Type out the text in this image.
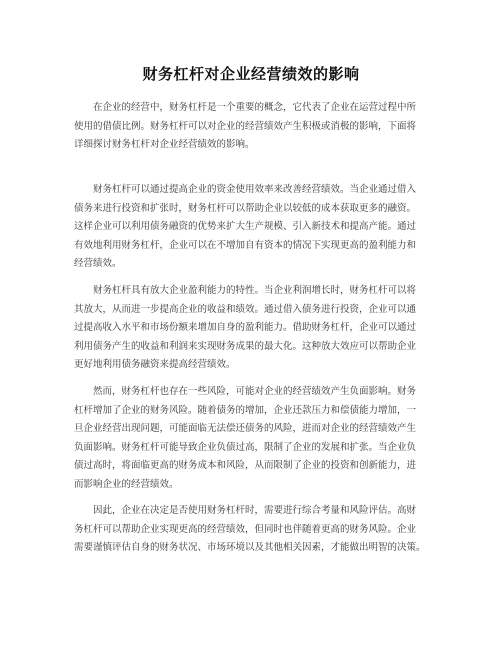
财务杠杆对企业经营绩效的影响
　　在企业的经营中，财务杠杆是一个重要的概念，它代表了企业在运营过程中所
使用的借债比例。财务杠杆可以对企业的经营绩效产生积极或消极的影响，下面将
详细探讨财务杠杆对企业经营绩效的影响。
　　财务杠杆可以通过提高企业的资金使用效率来改善经营绩效。当企业通过借入
债务来进行投资和扩张时，财务杠杆可以帮助企业以较低的成本获取更多的融资。
这样企业可以利用债务融资的优势来扩大生产规模、引入新技术和提高产能。通过
有效地利用财务杠杆，企业可以在不增加自有资本的情况下实现更高的盈利能力和
经营绩效。
　　财务杠杆具有放大企业盈利能力的特性。当企业利润增长时，财务杠杆可以将
其放大，从而进一步提高企业的收益和绩效。通过借入债务进行投资，企业可以通
过提高收入水平和市场份额来增加自身的盈利能力。借助财务杠杆，企业可以通过
利用债务产生的收益和利润来实现财务成果的最大化。这种放大效应可以帮助企业
更好地利用债务融资来提高经营绩效。
　　然而，财务杠杆也存在一些风险，可能对企业的经营绩效产生负面影响。财务
杠杆增加了企业的财务风险。随着债务的增加，企业还款压力和偿债能力增加，一
旦企业经营出现问题，可能面临无法偿还债务的风险，进而对企业的经营绩效产生
负面影响。财务杠杆可能导致企业负债过高，限制了企业的发展和扩张。当企业负
债过高时，将面临更高的财务成本和风险，从而限制了企业的投资和创新能力，进
而影响企业的经营绩效。
　　因此，企业在决定是否使用财务杠杆时，需要进行综合考量和风险评估。高财
务杠杆可以帮助企业实现更高的经营绩效，但同时也伴随着更高的财务风险。企业
需要谨慎评估自身的财务状况、市场环境以及其他相关因素，才能做出明智的决策。
